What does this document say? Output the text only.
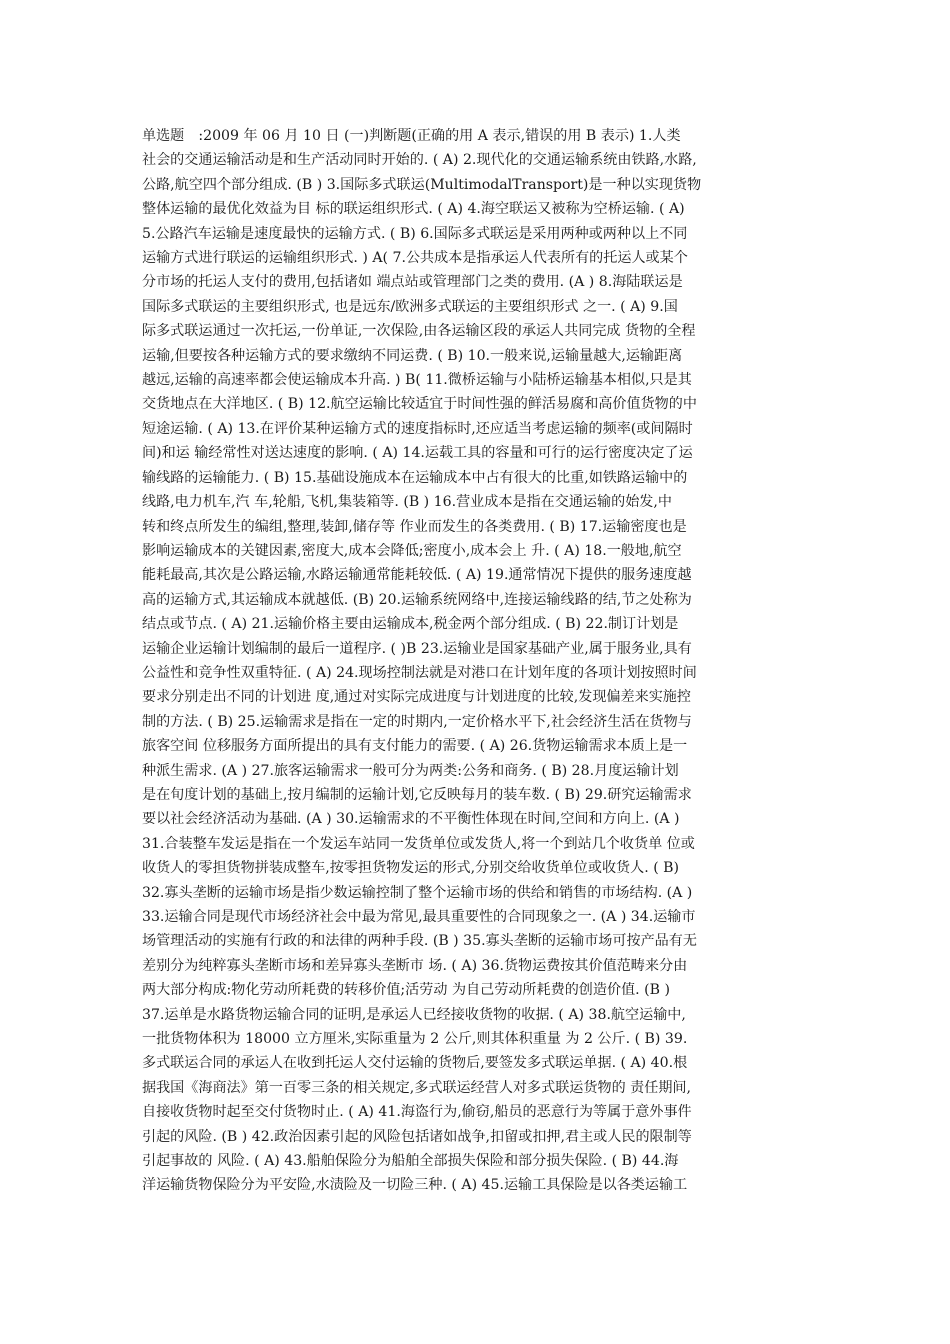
单选题　:2009 年 06 月 10 日 (一)判断题(正确的用 A 表示,错误的用 B 表示) 1.人类
社会的交通运输活动是和生产活动同时开始的. ( A) 2.现代化的交通运输系统由铁路,水路,
公路,航空四个部分组成. (B ) 3.国际多式联运(MultimodalTransport)是一种以实现货物
整体运输的最优化效益为目 标的联运组织形式. ( A) 4.海空联运又被称为空桥运输. ( A)
5.公路汽车运输是速度最快的运输方式. ( B) 6.国际多式联运是采用两种或两种以上不同
运输方式进行联运的运输组织形式. ) A( 7.公共成本是指承运人代表所有的托运人或某个
分市场的托运人支付的费用,包括诸如 端点站或管理部门之类的费用. (A ) 8.海陆联运是
国际多式联运的主要组织形式, 也是远东/欧洲多式联运的主要组织形式 之一. ( A) 9.国
际多式联运通过一次托运,一份单证,一次保险,由各运输区段的承运人共同完成 货物的全程
运输,但要按各种运输方式的要求缴纳不同运费. ( B) 10.一般来说,运输量越大,运输距离
越远,运输的高速率都会使运输成本升高. ) B( 11.微桥运输与小陆桥运输基本相似,只是其
交货地点在大洋地区. ( B) 12.航空运输比较适宜于时间性强的鲜活易腐和高价值货物的中
短途运输. ( A) 13.在评价某种运输方式的速度指标时,还应适当考虑运输的频率(或间隔时
间)和运 输经常性对送达速度的影响. ( A) 14.运载工具的容量和可行的运行密度决定了运
输线路的运输能力. ( B) 15.基础设施成本在运输成本中占有很大的比重,如铁路运输中的
线路,电力机车,汽 车,轮船,飞机,集装箱等. (B ) 16.营业成本是指在交通运输的始发,中
转和终点所发生的编组,整理,装卸,储存等 作业而发生的各类费用. ( B) 17.运输密度也是
影响运输成本的关键因素,密度大,成本会降低;密度小,成本会上 升. ( A) 18.一般地,航空
能耗最高,其次是公路运输,水路运输通常能耗较低. ( A) 19.通常情况下提供的服务速度越
高的运输方式,其运输成本就越低. (B) 20.运输系统网络中,连接运输线路的结,节之处称为
结点或节点. ( A) 21.运输价格主要由运输成本,税金两个部分组成. ( B) 22.制订计划是
运输企业运输计划编制的最后一道程序. ( )B 23.运输业是国家基础产业,属于服务业,具有
公益性和竞争性双重特征. ( A) 24.现场控制法就是对港口在计划年度的各项计划按照时间
要求分别走出不同的计划进 度,通过对实际完成进度与计划进度的比较,发现偏差来实施控
制的方法. ( B) 25.运输需求是指在一定的时期内,一定价格水平下,社会经济生活在货物与
旅客空间 位移服务方面所提出的具有支付能力的需要. ( A) 26.货物运输需求本质上是一
种派生需求. (A ) 27.旅客运输需求一般可分为两类:公务和商务. ( B) 28.月度运输计划
是在旬度计划的基础上,按月编制的运输计划,它反映每月的装车数. ( B) 29.研究运输需求
要以社会经济活动为基础. (A ) 30.运输需求的不平衡性体现在时间,空间和方向上. (A )
31.合装整车发运是指在一个发运车站同一发货单位或发货人,将一个到站几个收货单 位或
收货人的零担货物拼装成整车,按零担货物发运的形式,分别交给收货单位或收货人. ( B)
32.寡头垄断的运输市场是指少数运输控制了整个运输市场的供给和销售的市场结构. (A )
33.运输合同是现代市场经济社会中最为常见,最具重要性的合同现象之一. (A ) 34.运输市
场管理活动的实施有行政的和法律的两种手段. (B ) 35.寡头垄断的运输市场可按产品有无
差别分为纯粹寡头垄断市场和差异寡头垄断市 场. ( A) 36.货物运费按其价值范畴来分由
两大部分构成:物化劳动所耗费的转移价值;活劳动 为自己劳动所耗费的创造价值. (B )
37.运单是水路货物运输合同的证明,是承运人已经接收货物的收据. ( A) 38.航空运输中,
一批货物体积为 18000 立方厘米,实际重量为 2 公斤,则其体积重量 为 2 公斤. ( B) 39.
多式联运合同的承运人在收到托运人交付运输的货物后,要签发多式联运单据. ( A) 40.根
据我国《海商法》第一百零三条的相关规定,多式联运经营人对多式联运货物的 责任期间,
自接收货物时起至交付货物时止. ( A) 41.海盗行为,偷窃,船员的恶意行为等属于意外事件
引起的风险. (B ) 42.政治因素引起的风险包括诸如战争,扣留或扣押,君主或人民的限制等
引起事故的 风险. ( A) 43.船舶保险分为船舶全部损失保险和部分损失保险. ( B) 44.海
洋运输货物保险分为平安险,水渍险及一切险三种. ( A) 45.运输工具保险是以各类运输工
